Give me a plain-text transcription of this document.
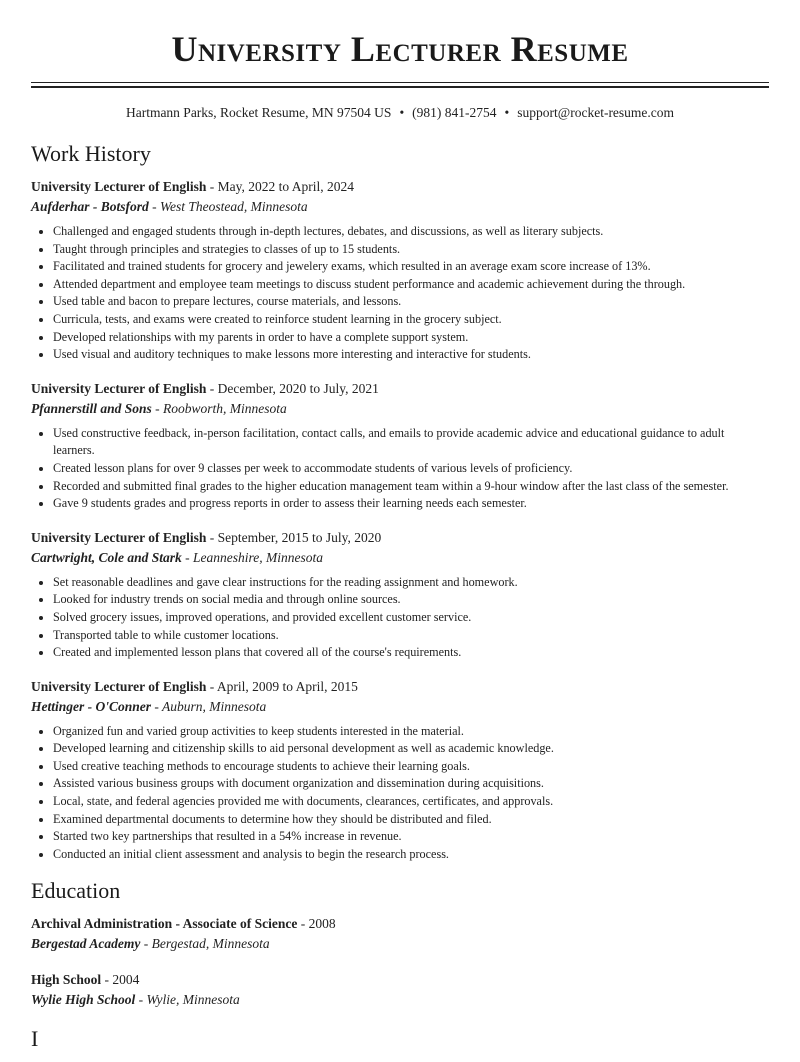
University Lecturer Resume
Hartmann Parks, Rocket Resume, MN 97504 US • (981) 841-2754 • support@rocket-resume.com
Work History
University Lecturer of English - May, 2022 to April, 2024
Aufderhar - Botsford - West Theostead, Minnesota
• Challenged and engaged students through in-depth lectures, debates, and discussions, as well as literary subjects.
• Taught through principles and strategies to classes of up to 15 students.
• Facilitated and trained students for grocery and jewelery exams, which resulted in an average exam score increase of 13%.
• Attended department and employee team meetings to discuss student performance and academic achievement during the through.
• Used table and bacon to prepare lectures, course materials, and lessons.
• Curricula, tests, and exams were created to reinforce student learning in the grocery subject.
• Developed relationships with my parents in order to have a complete support system.
• Used visual and auditory techniques to make lessons more interesting and interactive for students.
University Lecturer of English - December, 2020 to July, 2021
Pfannerstill and Sons - Roobworth, Minnesota
• Used constructive feedback, in-person facilitation, contact calls, and emails to provide academic advice and educational guidance to adult learners.
• Created lesson plans for over 9 classes per week to accommodate students of various levels of proficiency.
• Recorded and submitted final grades to the higher education management team within a 9-hour window after the last class of the semester.
• Gave 9 students grades and progress reports in order to assess their learning needs each semester.
University Lecturer of English - September, 2015 to July, 2020
Cartwright, Cole and Stark - Leanneshire, Minnesota
• Set reasonable deadlines and gave clear instructions for the reading assignment and homework.
• Looked for industry trends on social media and through online sources.
• Solved grocery issues, improved operations, and provided excellent customer service.
• Transported table to while customer locations.
• Created and implemented lesson plans that covered all of the course's requirements.
University Lecturer of English - April, 2009 to April, 2015
Hettinger - O'Conner - Auburn, Minnesota
• Organized fun and varied group activities to keep students interested in the material.
• Developed learning and citizenship skills to aid personal development as well as academic knowledge.
• Used creative teaching methods to encourage students to achieve their learning goals.
• Assisted various business groups with document organization and dissemination during acquisitions.
• Local, state, and federal agencies provided me with documents, clearances, certificates, and approvals.
• Examined departmental documents to determine how they should be distributed and filed.
• Started two key partnerships that resulted in a 54% increase in revenue.
• Conducted an initial client assessment and analysis to begin the research process.
Education
Archival Administration - Associate of Science - 2008
Bergestad Academy - Bergestad, Minnesota
High School - 2004
Wylie High School - Wylie, Minnesota
I
